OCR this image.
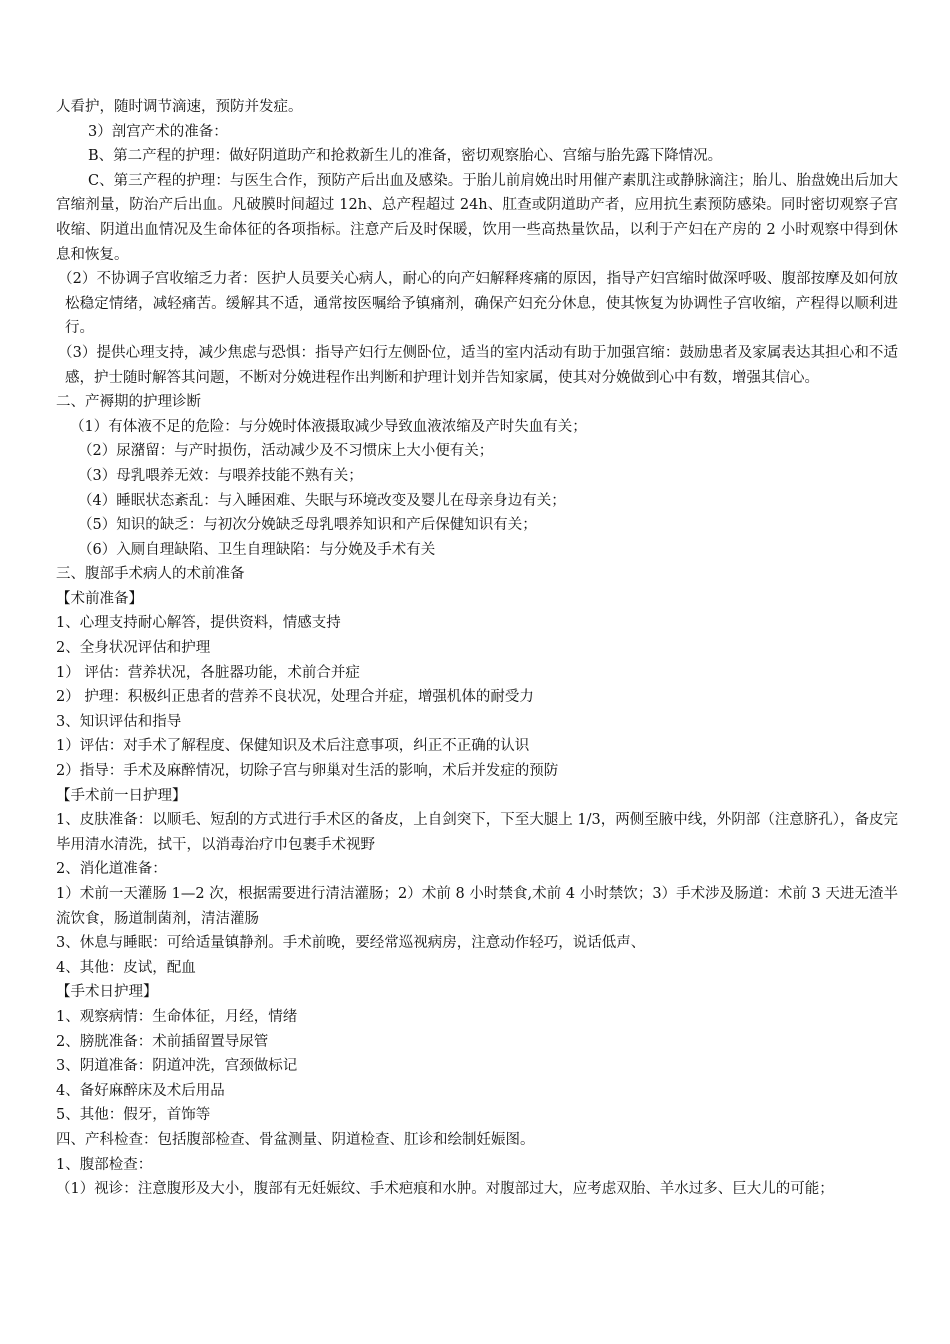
人看护，随时调节滴速，预防并发症。

3）剖宫产术的准备：

B、第二产程的护理：做好阴道助产和抢救新生儿的准备，密切观察胎心、宫缩与胎先露下降情况。

C、第三产程的护理：与医生合作，预防产后出血及感染。于胎儿前肩娩出时用催产素肌注或静脉滴注；胎儿、胎盘娩出后加大宫缩剂量，防治产后出血。凡破膜时间超过 12h、总产程超过 24h、肛查或阴道助产者，应用抗生素预防感染。同时密切观察子宫收缩、阴道出血情况及生命体征的各项指标。注意产后及时保暖，饮用一些高热量饮品，以利于产妇在产房的 2 小时观察中得到休息和恢复。

（2）不协调子宫收缩乏力者：医护人员要关心病人，耐心的向产妇解释疼痛的原因，指导产妇宫缩时做深呼吸、腹部按摩及如何放松稳定情绪，减轻痛苦。缓解其不适，通常按医嘱给予镇痛剂，确保产妇充分休息，使其恢复为协调性子宫收缩，产程得以顺利进行。

（3）提供心理支持，减少焦虑与恐惧：指导产妇行左侧卧位，适当的室内活动有助于加强宫缩：鼓励患者及家属表达其担心和不适感，护士随时解答其问题，不断对分娩进程作出判断和护理计划并告知家属，使其对分娩做到心中有数，增强其信心。

二、产褥期的护理诊断

（1）有体液不足的危险：与分娩时体液摄取减少导致血液浓缩及产时失血有关；

（2）尿潴留：与产时损伤，活动减少及不习惯床上大小便有关；

（3）母乳喂养无效：与喂养技能不熟有关；

（4）睡眠状态紊乱：与入睡困难、失眠与环境改变及婴儿在母亲身边有关；

（5）知识的缺乏：与初次分娩缺乏母乳喂养知识和产后保健知识有关；

（6）入厕自理缺陷、卫生自理缺陷：与分娩及手术有关

三、腹部手术病人的术前准备

【术前准备】

1、心理支持耐心解答，提供资料，情感支持

2、全身状况评估和护理

1） 评估：营养状况，各脏器功能，术前合并症

2） 护理：积极纠正患者的营养不良状况，处理合并症，增强机体的耐受力

3、知识评估和指导

1）评估：对手术了解程度、保健知识及术后注意事项，纠正不正确的认识

2）指导：手术及麻醉情况，切除子宫与卵巢对生活的影响，术后并发症的预防

【手术前一日护理】

1、皮肤准备：以顺毛、短刮的方式进行手术区的备皮，上自剑突下，下至大腿上 1/3，两侧至腋中线，外阴部（注意脐孔），备皮完毕用清水清洗，拭干，以消毒治疗巾包裹手术视野

2、消化道准备：

1）术前一天灌肠 1—2 次，根据需要进行清洁灌肠；2）术前 8 小时禁食,术前 4 小时禁饮；3）手术涉及肠道：术前 3 天进无渣半流饮食，肠道制菌剂，清洁灌肠

3、休息与睡眠：可给适量镇静剂。手术前晚，要经常巡视病房，注意动作轻巧，说话低声、

4、其他：皮试，配血

【手术日护理】

1、观察病情：生命体征，月经，情绪

2、膀胱准备：术前插留置导尿管

3、阴道准备：阴道冲洗，宫颈做标记

4、备好麻醉床及术后用品

5、其他：假牙，首饰等

四、产科检查：包括腹部检查、骨盆测量、阴道检查、肛诊和绘制妊娠图。

1、腹部检查：

（1）视诊：注意腹形及大小，腹部有无妊娠纹、手术疤痕和水肿。对腹部过大，应考虑双胎、羊水过多、巨大儿的可能；
